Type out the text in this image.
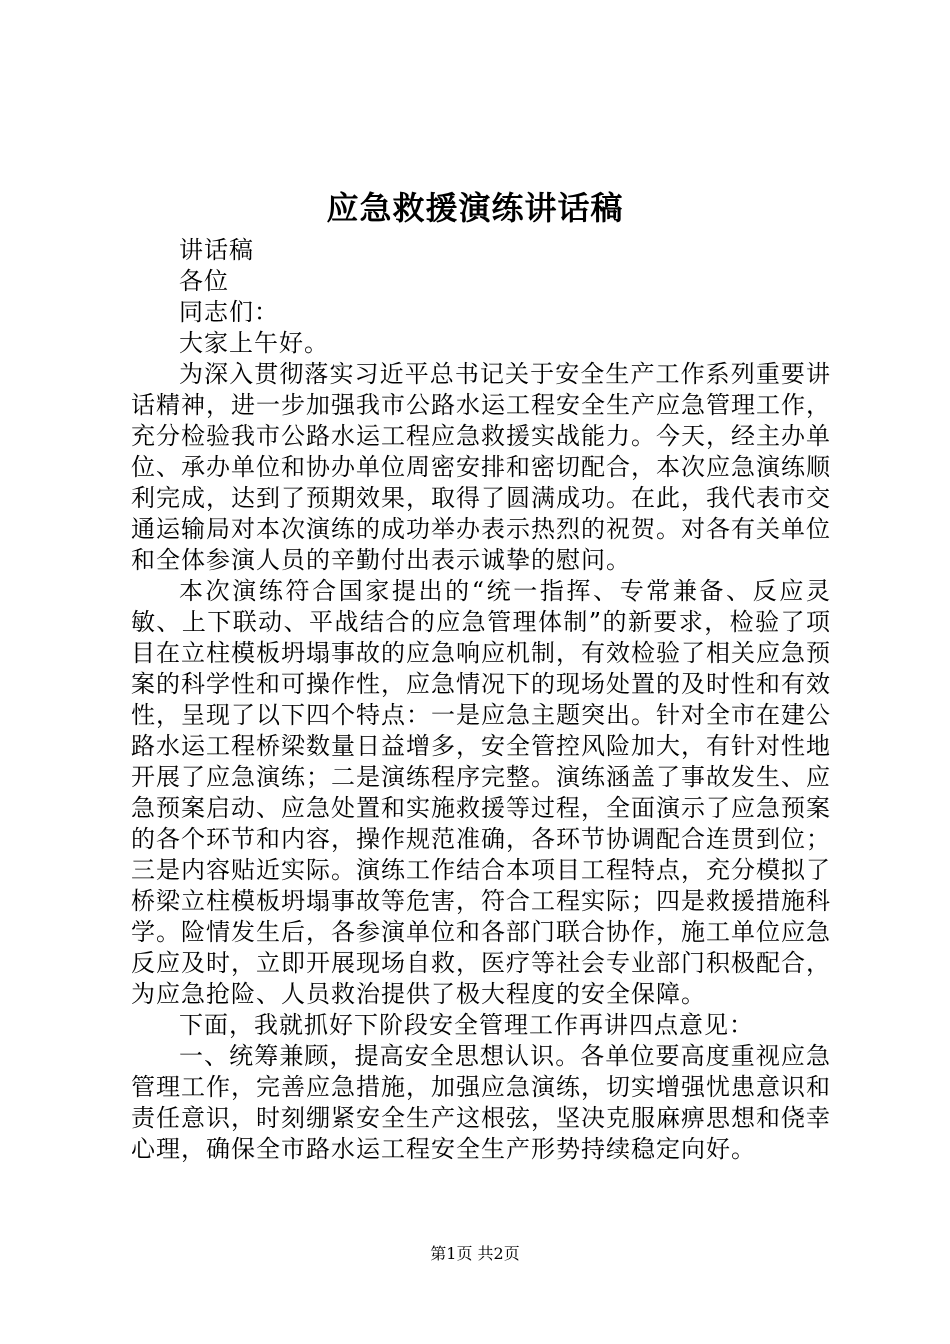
应急救援演练讲话稿

讲话稿

各位

同志们：

大家上午好。

为深入贯彻落实习近平总书记关于安全生产工作系列重要讲话精神，进一步加强我市公路水运工程安全生产应急管理工作，充分检验我市公路水运工程应急救援实战能力。今天，经主办单位、承办单位和协办单位周密安排和密切配合，本次应急演练顺利完成，达到了预期效果，取得了圆满成功。在此，我代表市交通运输局对本次演练的成功举办表示热烈的祝贺。对各有关单位和全体参演人员的辛勤付出表示诚挚的慰问。

本次演练符合国家提出的“统一指挥、专常兼备、反应灵敏、上下联动、平战结合的应急管理体制”的新要求，检验了项目在立柱模板坍塌事故的应急响应机制，有效检验了相关应急预案的科学性和可操作性，应急情况下的现场处置的及时性和有效性，呈现了以下四个特点：一是应急主题突出。针对全市在建公路水运工程桥梁数量日益增多，安全管控风险加大，有针对性地开展了应急演练；二是演练程序完整。演练涵盖了事故发生、应急预案启动、应急处置和实施救援等过程，全面演示了应急预案的各个环节和内容，操作规范准确，各环节协调配合连贯到位；三是内容贴近实际。演练工作结合本项目工程特点，充分模拟了桥梁立柱模板坍塌事故等危害，符合工程实际；四是救援措施科学。险情发生后，各参演单位和各部门联合协作，施工单位应急反应及时，立即开展现场自救，医疗等社会专业部门积极配合，为应急抢险、人员救治提供了极大程度的安全保障。

下面，我就抓好下阶段安全管理工作再讲四点意见：

一、统筹兼顾，提高安全思想认识。各单位要高度重视应急管理工作，完善应急措施，加强应急演练，切实增强忧患意识和责任意识，时刻绷紧安全生产这根弦，坚决克服麻痹思想和侥幸心理，确保全市路水运工程安全生产形势持续稳定向好。

第1页 共2页
